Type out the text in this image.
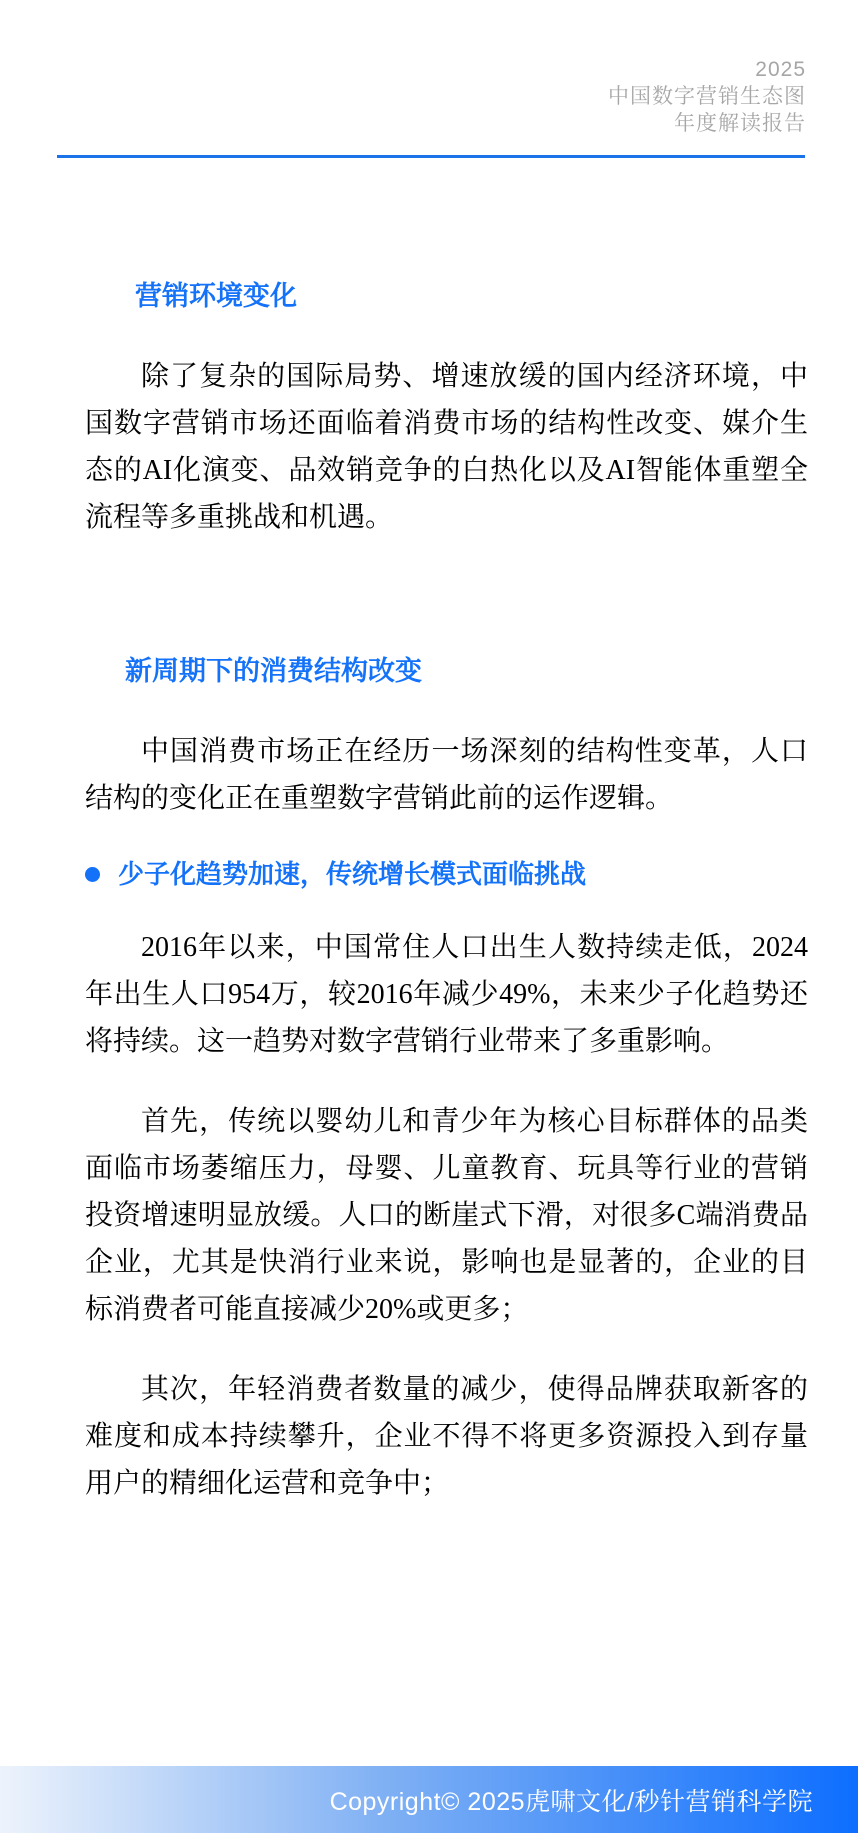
2025
中国数字营销生态图
年度解读报告
营销环境变化

除了复杂的国际局势、增速放缓的国内经济环境，中国数字营销市场还面临着消费市场的结构性改变、媒介生态的AI化演变、品效销竞争的白热化以及AI智能体重塑全流程等多重挑战和机遇。

新周期下的消费结构改变

中国消费市场正在经历一场深刻的结构性变革，人口结构的变化正在重塑数字营销此前的运作逻辑。

少子化趋势加速，传统增长模式面临挑战

2016年以来，中国常住人口出生人数持续走低，2024年出生人口954万，较2016年减少49%，未来少子化趋势还将持续。这一趋势对数字营销行业带来了多重影响。

首先，传统以婴幼儿和青少年为核心目标群体的品类面临市场萎缩压力，母婴、儿童教育、玩具等行业的营销投资增速明显放缓。人口的断崖式下滑，对很多C端消费品企业，尤其是快消行业来说，影响也是显著的，企业的目标消费者可能直接减少20%或更多；

其次，年轻消费者数量的减少，使得品牌获取新客的难度和成本持续攀升，企业不得不将更多资源投入到存量用户的精细化运营和竞争中；

Copyright© 2025虎啸文化/秒针营销科学院
